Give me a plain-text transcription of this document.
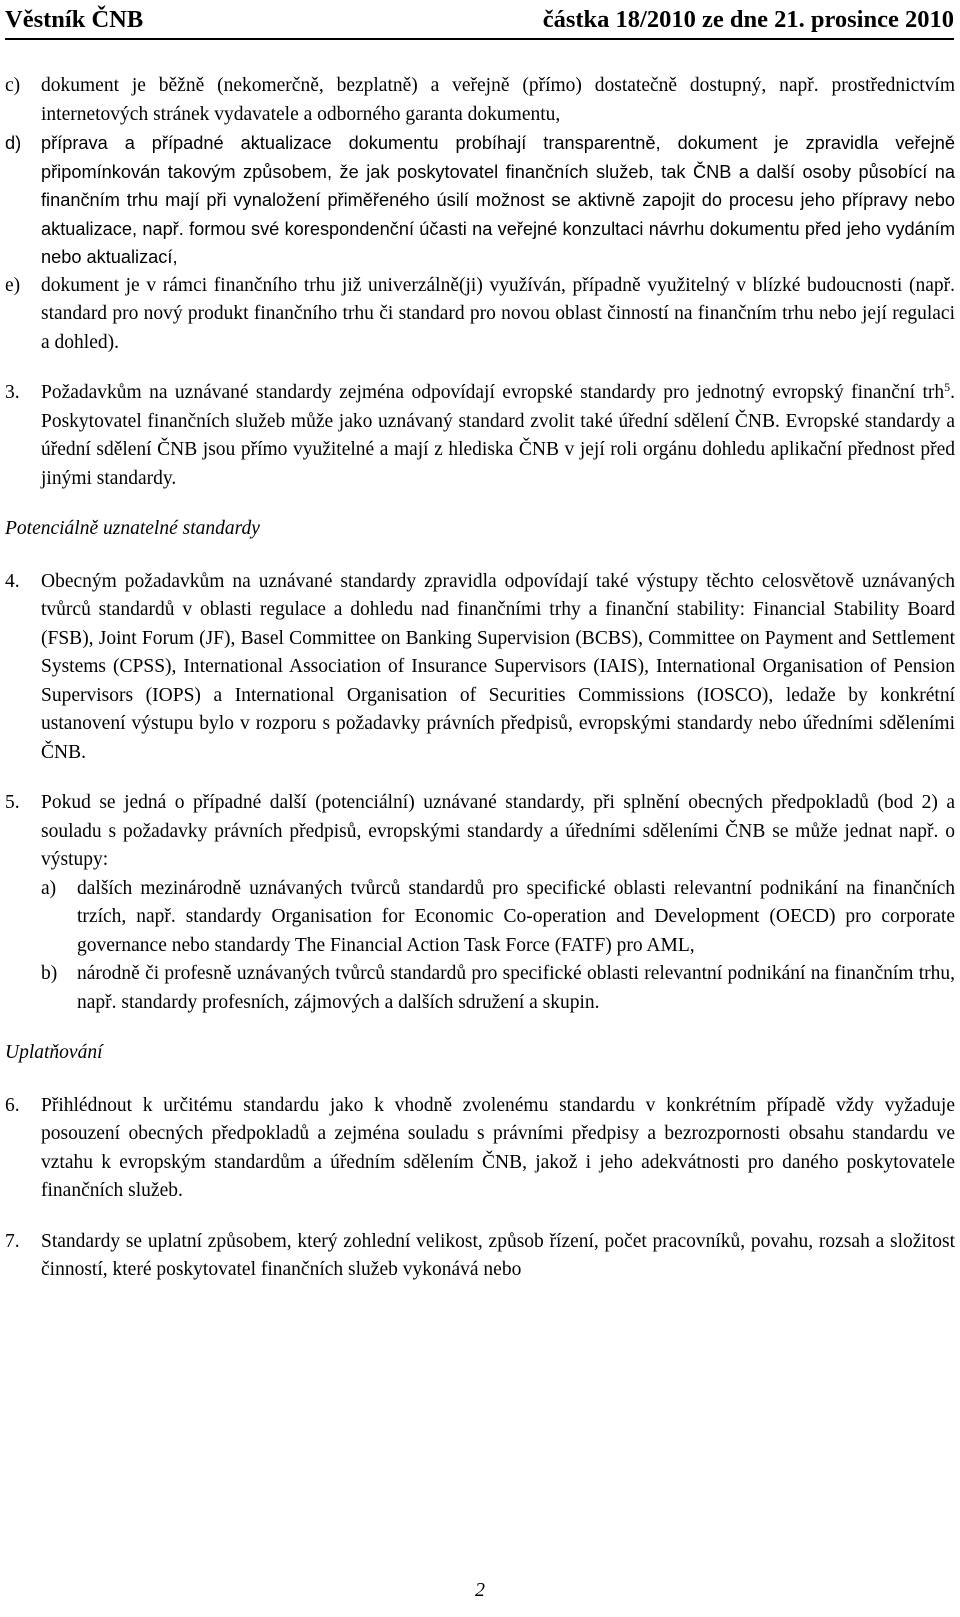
Věstník ČNB	částka 18/2010 ze dne 21. prosince 2010
c)	dokument je běžně (nekomerčně, bezplatně) a veřejně (přímo) dostatečně dostupný, např. prostřednictvím internetových stránek vydavatele a odborného garanta dokumentu,
d)	příprava a případné aktualizace dokumentu probíhají transparentně, dokument je zpravidla veřejně připomínkován takovým způsobem, že jak poskytovatel finančních služeb, tak ČNB a další osoby působící na finančním trhu mají při vynaložení přiměřeného úsilí možnost se aktivně zapojit do procesu jeho přípravy nebo aktualizace, např. formou své korespondenční účasti na veřejné konzultaci návrhu dokumentu před jeho vydáním nebo aktualizací,
e)	dokument je v rámci finančního trhu již univerzálně(ji) využíván, případně využitelný v blízké budoucnosti (např. standard pro nový produkt finančního trhu či standard pro novou oblast činností na finančním trhu nebo její regulaci a dohled).
3.	Požadavkům na uznávané standardy zejména odpovídají evropské standardy pro jednotný evropský finanční trh$^5$. Poskytovatel finančních služeb může jako uznávaný standard zvolit také úřední sdělení ČNB. Evropské standardy a úřední sdělení ČNB jsou přímo využitelné a mají z hlediska ČNB v její roli orgánu dohledu aplikační přednost před jinými standardy.
Potenciálně uznatelné standardy
4.	Obecným požadavkům na uznávané standardy zpravidla odpovídají také výstupy těchto celosvětově uznávaných tvůrců standardů v oblasti regulace a dohledu nad finančními trhy a finanční stability: Financial Stability Board (FSB), Joint Forum (JF), Basel Committee on Banking Supervision (BCBS), Committee on Payment and Settlement Systems (CPSS), International Association of Insurance Supervisors (IAIS), International Organisation of Pension Supervisors (IOPS) a International Organisation of Securities Commissions (IOSCO), ledaže by konkrétní ustanovení výstupu bylo v rozporu s požadavky právních předpisů, evropskými standardy nebo úředními sděleními ČNB.
5.	Pokud se jedná o případné další (potenciální) uznávané standardy, při splnění obecných předpokladů (bod 2) a souladu s požadavky právních předpisů, evropskými standardy a úředními sděleními ČNB se může jednat např. o výstupy:
a)	dalších mezinárodně uznávaných tvůrců standardů pro specifické oblasti relevantní podnikání na finančních trzích, např. standardy Organisation for Economic Co-operation and Development (OECD) pro corporate governance nebo standardy The Financial Action Task Force (FATF) pro AML,
b)	národně či profesně uznávaných tvůrců standardů pro specifické oblasti relevantní podnikání na finančním trhu, např. standardy profesních, zájmových a dalších sdružení a skupin.
Uplatňování
6.	Přihlédnout k určitému standardu jako k vhodně zvolenému standardu v konkrétním případě vždy vyžaduje posouzení obecných předpokladů a zejména souladu s právními předpisy a bezrozpornosti obsahu standardu ve vztahu k evropským standardům a úředním sdělením ČNB, jakož i jeho adekvátnosti pro daného poskytovatele finančních služeb.
7.	Standardy se uplatní způsobem, který zohlední velikost, způsob řízení, počet pracovníků, povahu, rozsah a složitost činností, které poskytovatel finančních služeb vykonává nebo
2
